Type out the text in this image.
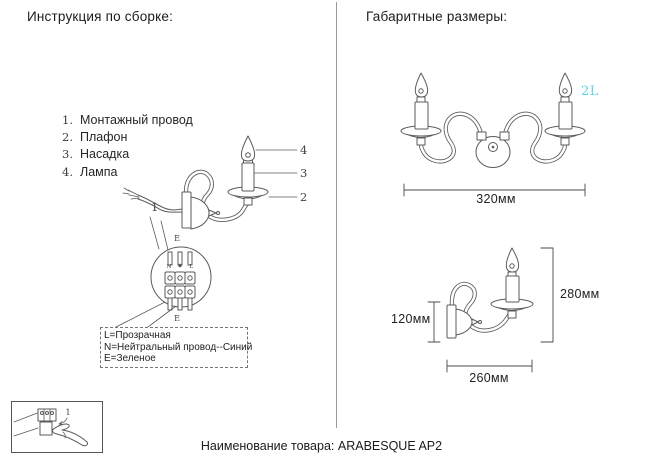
N	L
E
E
1
Инструкция по сборке:	Габаритные размеры:
1. Монтажный провод
2. Плафон
3. Насадка
4. Лампа
4
3
2
1
L=Прозрачная
N=Нейтральный провод--Синий
E=Зеленое
2L
320мм
120мм
280мм
260мм
Наименование товара: ARABESQUE AP2
